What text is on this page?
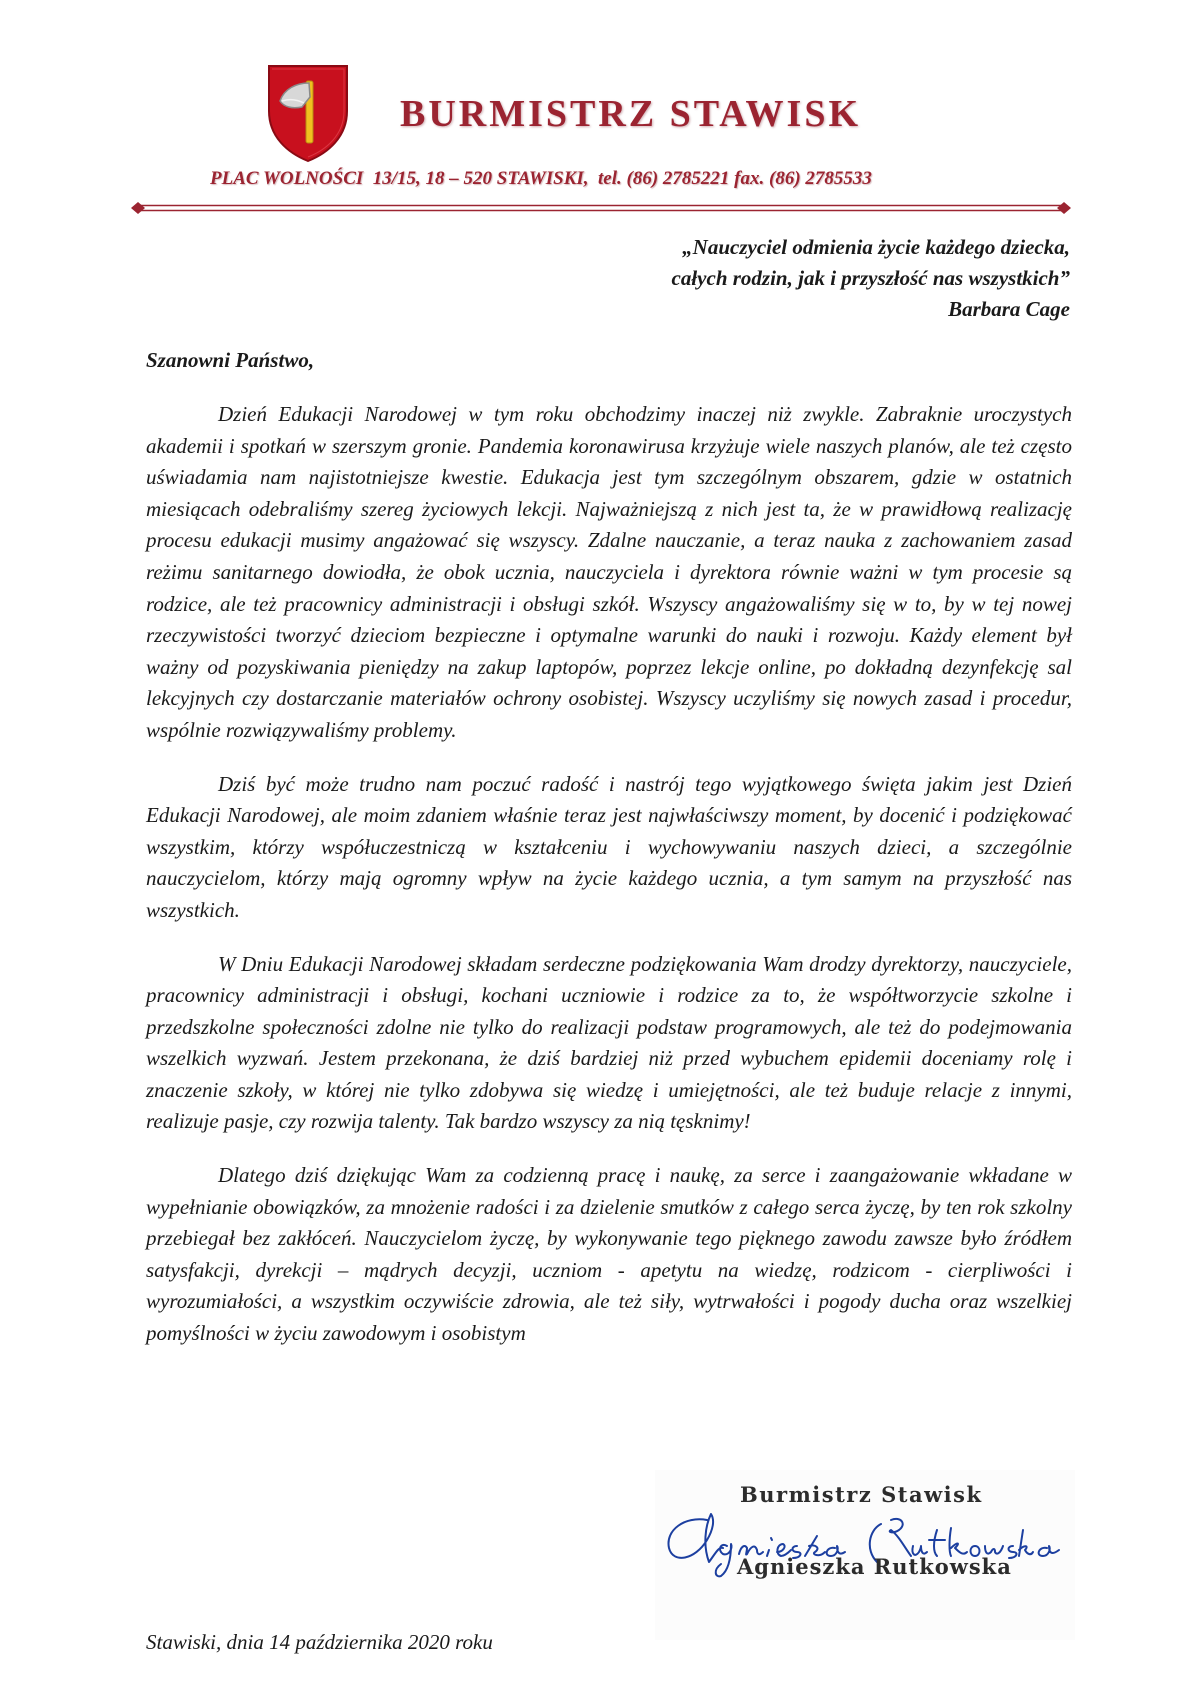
BURMISTRZ STAWISK

PLAC WOLNOŚCI  13/15, 18 – 520 STAWISKI,  tel. (86) 2785221 fax. (86) 2785533

„Nauczyciel odmienia życie każdego dziecka,
całych rodzin, jak i przyszłość nas wszystkich”
Barbara Cage

Szanowni Państwo,

Dzień Edukacji Narodowej w tym roku obchodzimy inaczej niż zwykle. Zabraknie uroczystych akademii i spotkań w szerszym gronie. Pandemia koronawirusa krzyżuje wiele naszych planów, ale też często uświadamia nam najistotniejsze kwestie. Edukacja jest tym szczególnym obszarem, gdzie w ostatnich miesiącach odebraliśmy szereg życiowych lekcji. Najważniejszą z nich jest ta, że w prawidłową realizację procesu edukacji musimy angażować się wszyscy. Zdalne nauczanie, a teraz nauka z zachowaniem zasad reżimu sanitarnego dowiodła, że obok ucznia, nauczyciela i dyrektora równie ważni w tym procesie są rodzice, ale też pracownicy administracji i obsługi szkół. Wszyscy angażowaliśmy się w to, by w tej nowej rzeczywistości tworzyć dzieciom bezpieczne i optymalne warunki do nauki i rozwoju. Każdy element był ważny od pozyskiwania pieniędzy na zakup laptopów, poprzez lekcje online, po dokładną dezynfekcję sal lekcyjnych czy dostarczanie materiałów ochrony osobistej. Wszyscy uczyliśmy się nowych zasad i procedur, wspólnie rozwiązywaliśmy problemy.

Dziś być może trudno nam poczuć radość i nastrój tego wyjątkowego święta jakim jest Dzień Edukacji Narodowej, ale moim zdaniem właśnie teraz jest najwłaściwszy moment, by docenić i podziękować wszystkim, którzy współuczestniczą w kształceniu i wychowywaniu naszych dzieci, a szczególnie nauczycielom, którzy mają ogromny wpływ na życie każdego ucznia, a tym samym na przyszłość nas wszystkich.

W Dniu Edukacji Narodowej składam serdeczne podziękowania Wam drodzy dyrektorzy, nauczyciele, pracownicy administracji i obsługi, kochani uczniowie i rodzice za to, że współtworzycie szkolne i przedszkolne społeczności zdolne nie tylko do realizacji podstaw programowych, ale też do podejmowania wszelkich wyzwań. Jestem przekonana, że dziś bardziej niż przed wybuchem epidemii doceniamy rolę i znaczenie szkoły, w której nie tylko zdobywa się wiedzę i umiejętności, ale też buduje relacje z innymi, realizuje pasje, czy rozwija talenty. Tak bardzo wszyscy za nią tęsknimy!

Dlatego dziś dziękując Wam za codzienną pracę i naukę, za serce i zaangażowanie wkładane w wypełnianie obowiązków, za mnożenie radości i za dzielenie smutków z całego serca życzę, by ten rok szkolny przebiegał bez zakłóceń. Nauczycielom życzę, by wykonywanie tego pięknego zawodu zawsze było źródłem satysfakcji, dyrekcji – mądrych decyzji, uczniom - apetytu na wiedzę, rodzicom - cierpliwości i wyrozumiałości, a wszystkim oczywiście zdrowia, ale też siły, wytrwałości i pogody ducha oraz wszelkiej pomyślności w życiu zawodowym i osobistym

Burmistrz Stawisk
Agnieszka Rutkowska

Stawiski, dnia 14 października 2020 roku
